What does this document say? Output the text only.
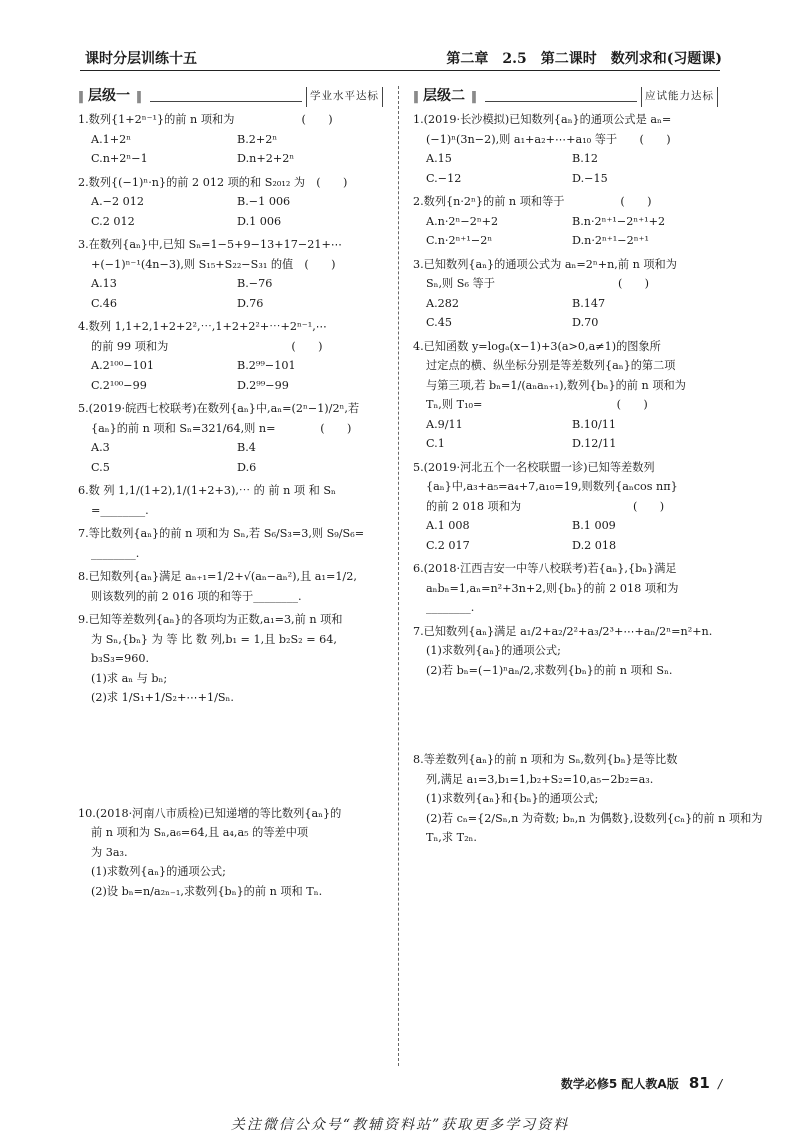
课时分层训练十五	第二章　2.5　第二课时　数列求和(习题课)
‖ 层级一 ‖	学业水平达标

1.数列{1+2ⁿ⁻¹}的前 n 项和为　　　　　　(　　)

A.1+2ⁿ	B.2+2ⁿ
C.n+2ⁿ−1	D.n+2+2ⁿ

2.数列{(−1)ⁿ·n}的前 2 012 项的和 S₂₀₁₂ 为　(　　)

A.−2 012	B.−1 006
C.2 012	D.1 006

3.在数列{aₙ}中,已知 Sₙ=1−5+9−13+17−21+⋯

+(−1)ⁿ⁻¹(4n−3),则 S₁₅+S₂₂−S₃₁ 的值　(　　)

A.13	B.−76
C.46	D.76

4.数列 1,1+2,1+2+2²,⋯,1+2+2²+⋯+2ⁿ⁻¹,⋯

的前 99 项和为　　　　　　　　　　　(　　)

A.2¹⁰⁰−101	B.2⁹⁹−101
C.2¹⁰⁰−99	D.2⁹⁹−99

5.(2019·皖西七校联考)在数列{aₙ}中,aₙ=(2ⁿ−1)/2ⁿ,若

{aₙ}的前 n 项和 Sₙ=321/64,则 n=　　　　(　　)

A.3	B.4
C.5	D.6

6.数 列 1,1/(1+2),1/(1+2+3),⋯ 的 前 n 项 和 Sₙ

=________.

7.等比数列{aₙ}的前 n 项和为 Sₙ,若 S₆/S₃=3,则 S₉/S₆=

________.

8.已知数列{aₙ}满足 aₙ₊₁=1/2+√(aₙ−aₙ²),且 a₁=1/2,

则该数列的前 2 016 项的和等于________.

9.已知等差数列{aₙ}的各项均为正数,a₁=3,前 n 项和

为 Sₙ,{bₙ} 为 等 比 数 列,b₁ = 1,且 b₂S₂ = 64,

b₃S₃=960.

(1)求 aₙ 与 bₙ;

(2)求 1/S₁+1/S₂+⋯+1/Sₙ.

10.(2018·河南八市质检)已知递增的等比数列{aₙ}的

前 n 项和为 Sₙ,a₆=64,且 a₄,a₅ 的等差中项

为 3a₃.

(1)求数列{aₙ}的通项公式;

(2)设 bₙ=n/a₂ₙ₋₁,求数列{bₙ}的前 n 项和 Tₙ.

‖ 层级二 ‖	应试能力达标

1.(2019·长沙模拟)已知数列{aₙ}的通项公式是 aₙ=

(−1)ⁿ(3n−2),则 a₁+a₂+⋯+a₁₀ 等于　　(　　)

A.15	B.12
C.−12	D.−15

2.数列{n·2ⁿ}的前 n 项和等于　　　　　(　　)

A.n·2ⁿ−2ⁿ+2	B.n·2ⁿ⁺¹−2ⁿ⁺¹+2
C.n·2ⁿ⁺¹−2ⁿ	D.n·2ⁿ⁺¹−2ⁿ⁺¹

3.已知数列{aₙ}的通项公式为 aₙ=2ⁿ+n,前 n 项和为

Sₙ,则 S₆ 等于　　　　　　　　　　　(　　)

A.282	B.147
C.45	D.70

4.已知函数 y=logₐ(x−1)+3(a>0,a≠1)的图象所

过定点的横、纵坐标分别是等差数列{aₙ}的第二项

与第三项,若 bₙ=1/(aₙaₙ₊₁),数列{bₙ}的前 n 项和为

Tₙ,则 T₁₀=　　　　　　　　　　　　(　　)

A.9/11	B.10/11
C.1	D.12/11

5.(2019·河北五个一名校联盟一诊)已知等差数列

{aₙ}中,a₃+a₅=a₄+7,a₁₀=19,则数列{aₙcos nπ}

的前 2 018 项和为　　　　　　　　　　(　　)

A.1 008	B.1 009
C.2 017	D.2 018

6.(2018·江西吉安一中等八校联考)若{aₙ},{bₙ}满足

aₙbₙ=1,aₙ=n²+3n+2,则{bₙ}的前 2 018 项和为

________.

7.已知数列{aₙ}满足 a₁/2+a₂/2²+a₃/2³+⋯+aₙ/2ⁿ=n²+n.

(1)求数列{aₙ}的通项公式;

(2)若 bₙ=(−1)ⁿaₙ/2,求数列{bₙ}的前 n 项和 Sₙ.

8.等差数列{aₙ}的前 n 项和为 Sₙ,数列{bₙ}是等比数

列,满足 a₁=3,b₁=1,b₂+S₂=10,a₅−2b₂=a₃.

(1)求数列{aₙ}和{bₙ}的通项公式;

(2)若 cₙ={2/Sₙ,n 为奇数; bₙ,n 为偶数},设数列{cₙ}的前 n 项和为

Tₙ,求 T₂ₙ.

数学必修5 配人教A版 81 /
关注微信公众号“教辅资料站”获取更多学习资料
